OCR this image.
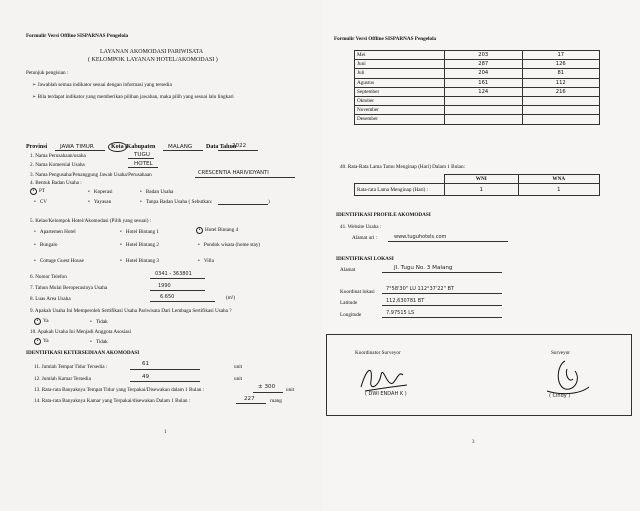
Formulir Versi Offline SISPARNAS Pengelola
LAYANAN AKOMODASI PARIWISATA
( KELOMPOK LAYANAN HOTEL/AKOMODASI )
Petunjuk pengisian :
➢ Jawablah semua indikator sesuai dengan informasi yang tersedia
➢ Bila terdapat indikator yang memberikan pilihan jawaban, maka pilih yang sesuai lalu lingkari
Provinsi JAWA TIMUR	Kota /Kabupaten MALANG Data Tahun
2022
1. Nama Perusahaan/usaha	TUGU
2. Nama Komersial Usaha	HOTEL
3. Nama Pengusaha/Penanggung Jawab Usaha/Perusahaan	CRESCENTIA HARIVIDYANTI
4. Bentuk Badan Usaha :
• PT	• Koperasi	• Badan Usaha
• CV	• Yayasan	• Tanpa Badan Usaha ( Sebutkan:	)
5. Kelas/Kelompok Hotel/Akomodasi (Pilih yang sesuai) :
• Apartemen Hotel	• Hotel Bintang 1	• Hotel Bintang 4
• Bungalo	• Hotel Bintang 2	• Pondok wisata (home stay)
• Cottage Guest House	• Hotel Bintang 3	• Villa
6. Nomor Telefon	0341 - 363801
7. Tahun Mulai Beroperasinya Usaha	1990
8. Luas Area Usaha	6.650	(m²)
9. Apakah Usaha Ini Memperoleh Sertifikasi Usaha Pariwisata Dari Lembaga Sertifikasi Usaha ?
• Ya	• Tidak
10. Apakah Usaha Ini Menjadi Anggota Asosiasi
• Ya	• Tidak
IDENTIFIKASI KETERSEDIAAN AKOMODASI
11. Jumlah Tempat Tidur Tersedia :	61	unit
12. Jumlah Kamar Tersedia	49	unit
13. Rata-rata Banyaknya Tempat Tidur yang Terpakai/Disewakan dalam 1 Bulan :	± 300 unit
14. Rata-rata Banyaknya Kamar yang Terpakai/disewakan Dalam 1 Bulan :	227	ruang
1
Formulir Versi Offline SISPARNAS Pengelola
Mei	203	17
Juni	287	126
Juli	204	81
Agustus	161	112
September	124	216
Oktober		
November		
Desember		
40. Rata-Rata Lama Tamu Menginap (Hari) Dalam 1 Bulan:
	WNI	WNA
Rata-rata Lama Menginap (Hari) :	1	1
IDENTIFIKASI PROFILE AKOMODASI
41. Website Usaha :
Alamat url :	www.tuguhotels.com
IDENTIFIKASI LOKASI
Alamat	Jl. Tugu No. 3 Malang
Koordinat lokasi 7°58'30" LU 112°37'22" BT
Latitude	112,630781 BT
Longitude	7,97515 LS
Koordinator Surveyor
( DWI ENDAH K )
Surveyor
( Cindy )
3
